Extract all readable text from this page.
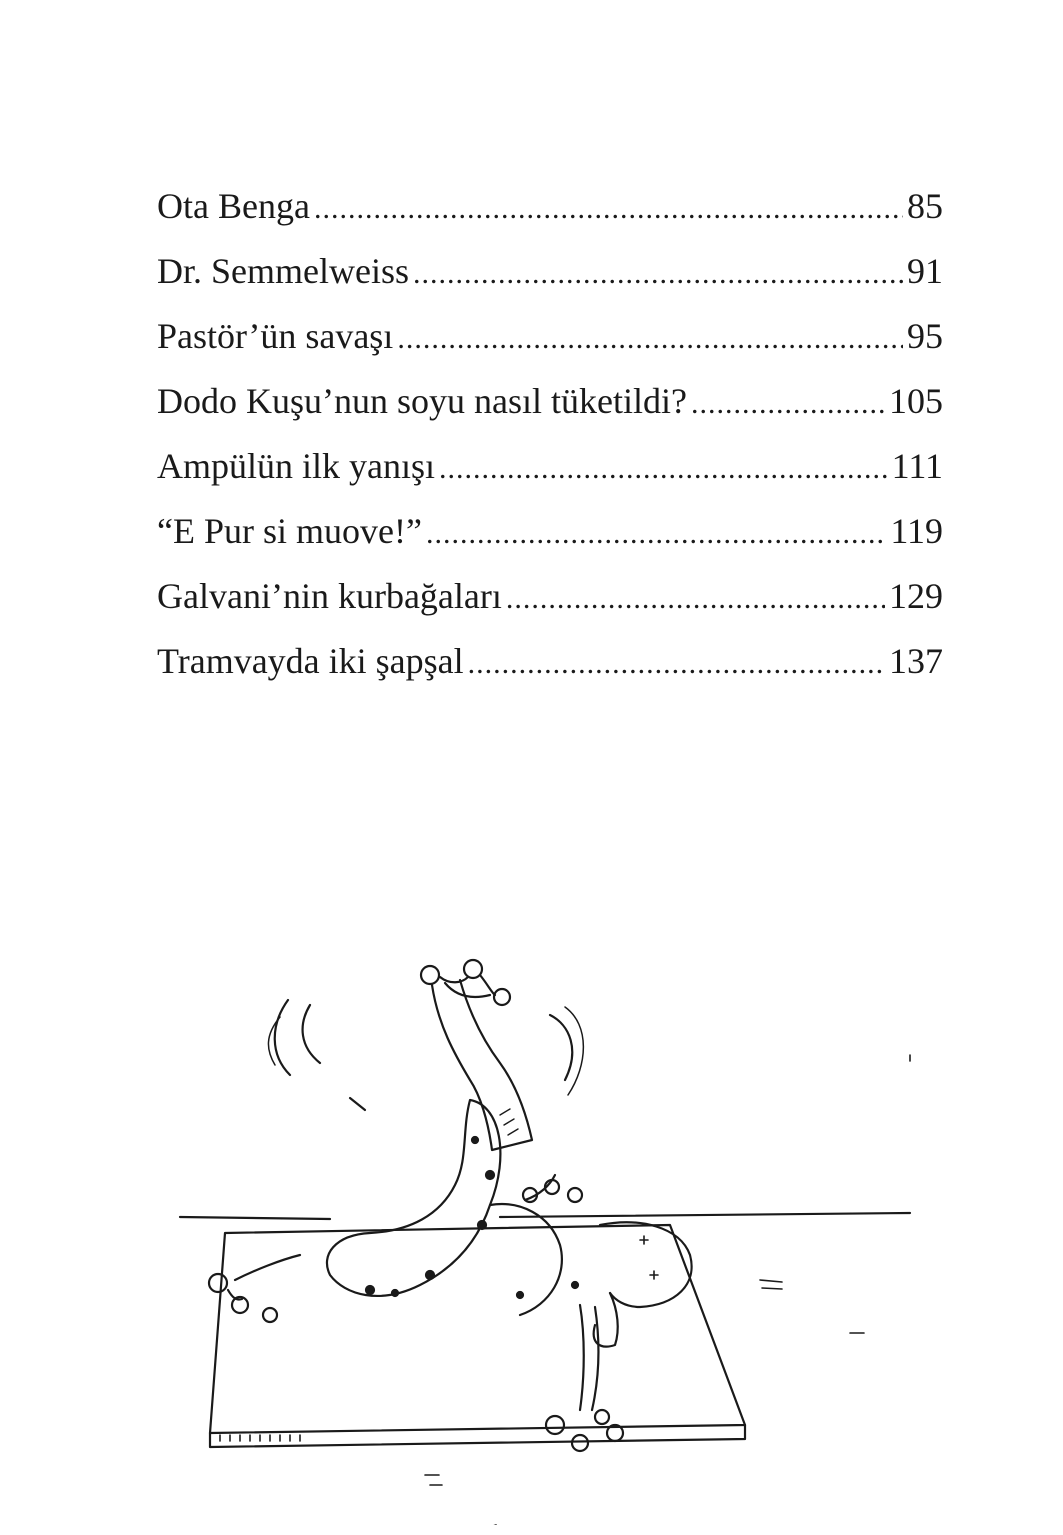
Ota Benga .....	85
Dr. Semmelweiss .....	91
Pastör’ün savaşı .....	95
Dodo Kuşu’nun soyu nasıl tüketildi? .....	105
Ampülün ilk yanışı .....	111
“E Pur si muove!” .....	119
Galvani’nin kurbağaları .....	129
Tramvayda iki şapşal .....	137
